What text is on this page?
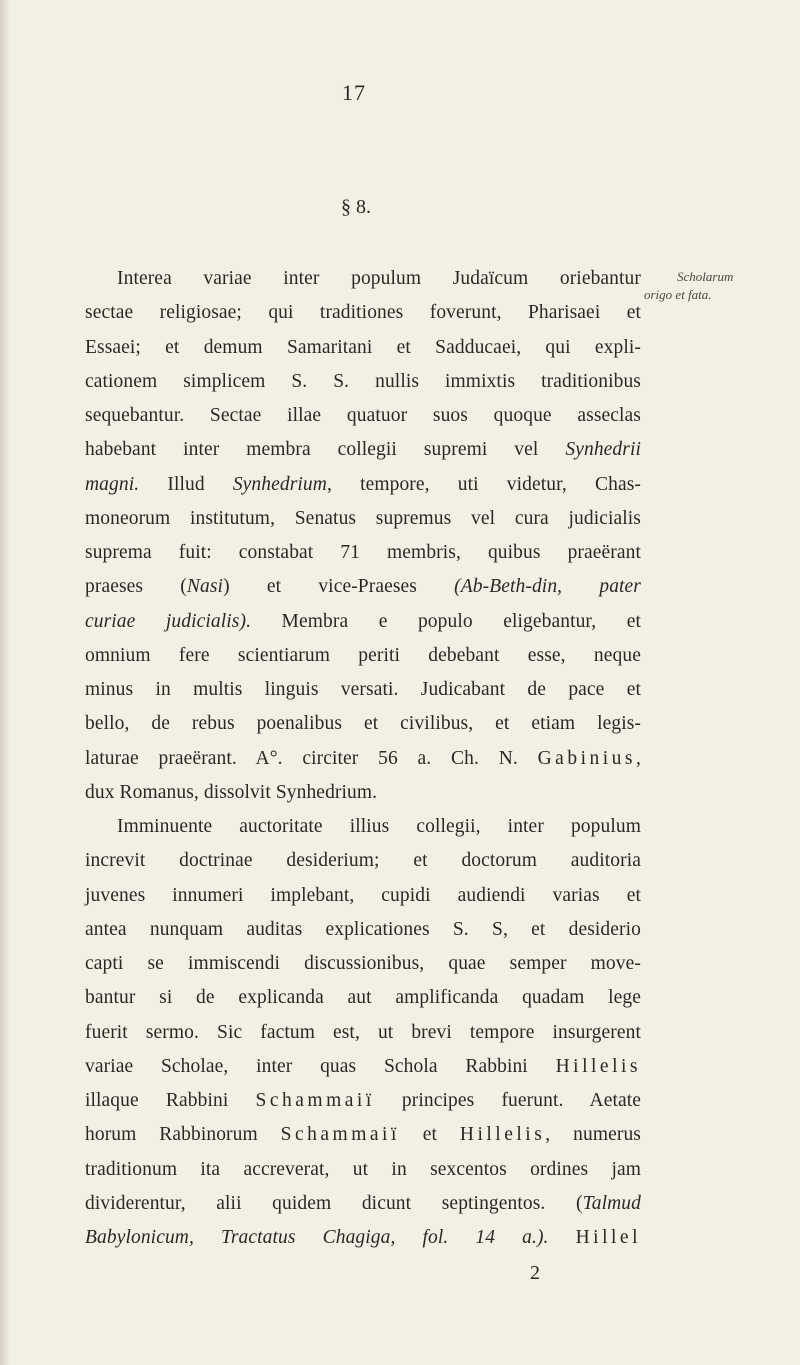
17
§ 8.
Scholarum
origo et fata.
Interea variae inter populum Judaïcum oriebantur
sectae religiosae; qui traditiones foverunt, Pharisaei et
Essaei; et demum Samaritani et Sadducaei, qui expli-
cationem simplicem S. S. nullis immixtis traditionibus
sequebantur. Sectae illae quatuor suos quoque asseclas
habebant inter membra collegii supremi vel Synhedrii
magni. Illud Synhedrium, tempore, uti videtur, Chas-
moneorum institutum, Senatus supremus vel cura judicialis
suprema fuit: constabat 71 membris, quibus praeërant
praeses (Nasi) et vice-Praeses (Ab-Beth-din, pater
curiae judicialis). Membra e populo eligebantur, et
omnium fere scientiarum periti debebant esse, neque
minus in multis linguis versati. Judicabant de pace et
bello, de rebus poenalibus et civilibus, et etiam legis-
laturae praeërant. A°. circiter 56 a. Ch. N. Gabinius,
dux Romanus, dissolvit Synhedrium.
Imminuente auctoritate illius collegii, inter populum
increvit doctrinae desiderium; et doctorum auditoria
juvenes innumeri implebant, cupidi audiendi varias et
antea nunquam auditas explicationes S. S, et desiderio
capti se immiscendi discussionibus, quae semper move-
bantur si de explicanda aut amplificanda quadam lege
fuerit sermo. Sic factum est, ut brevi tempore insurgerent
variae Scholae, inter quas Schola Rabbini Hillelis
illaque Rabbini Schammaiï principes fuerunt. Aetate
horum Rabbinorum Schammaiï et Hillelis, numerus
traditionum ita accreverat, ut in sexcentos ordines jam
dividerentur, alii quidem dicunt septingentos. (Talmud
Babylonicum, Tractatus Chagiga, fol. 14 a.). Hillel
2
